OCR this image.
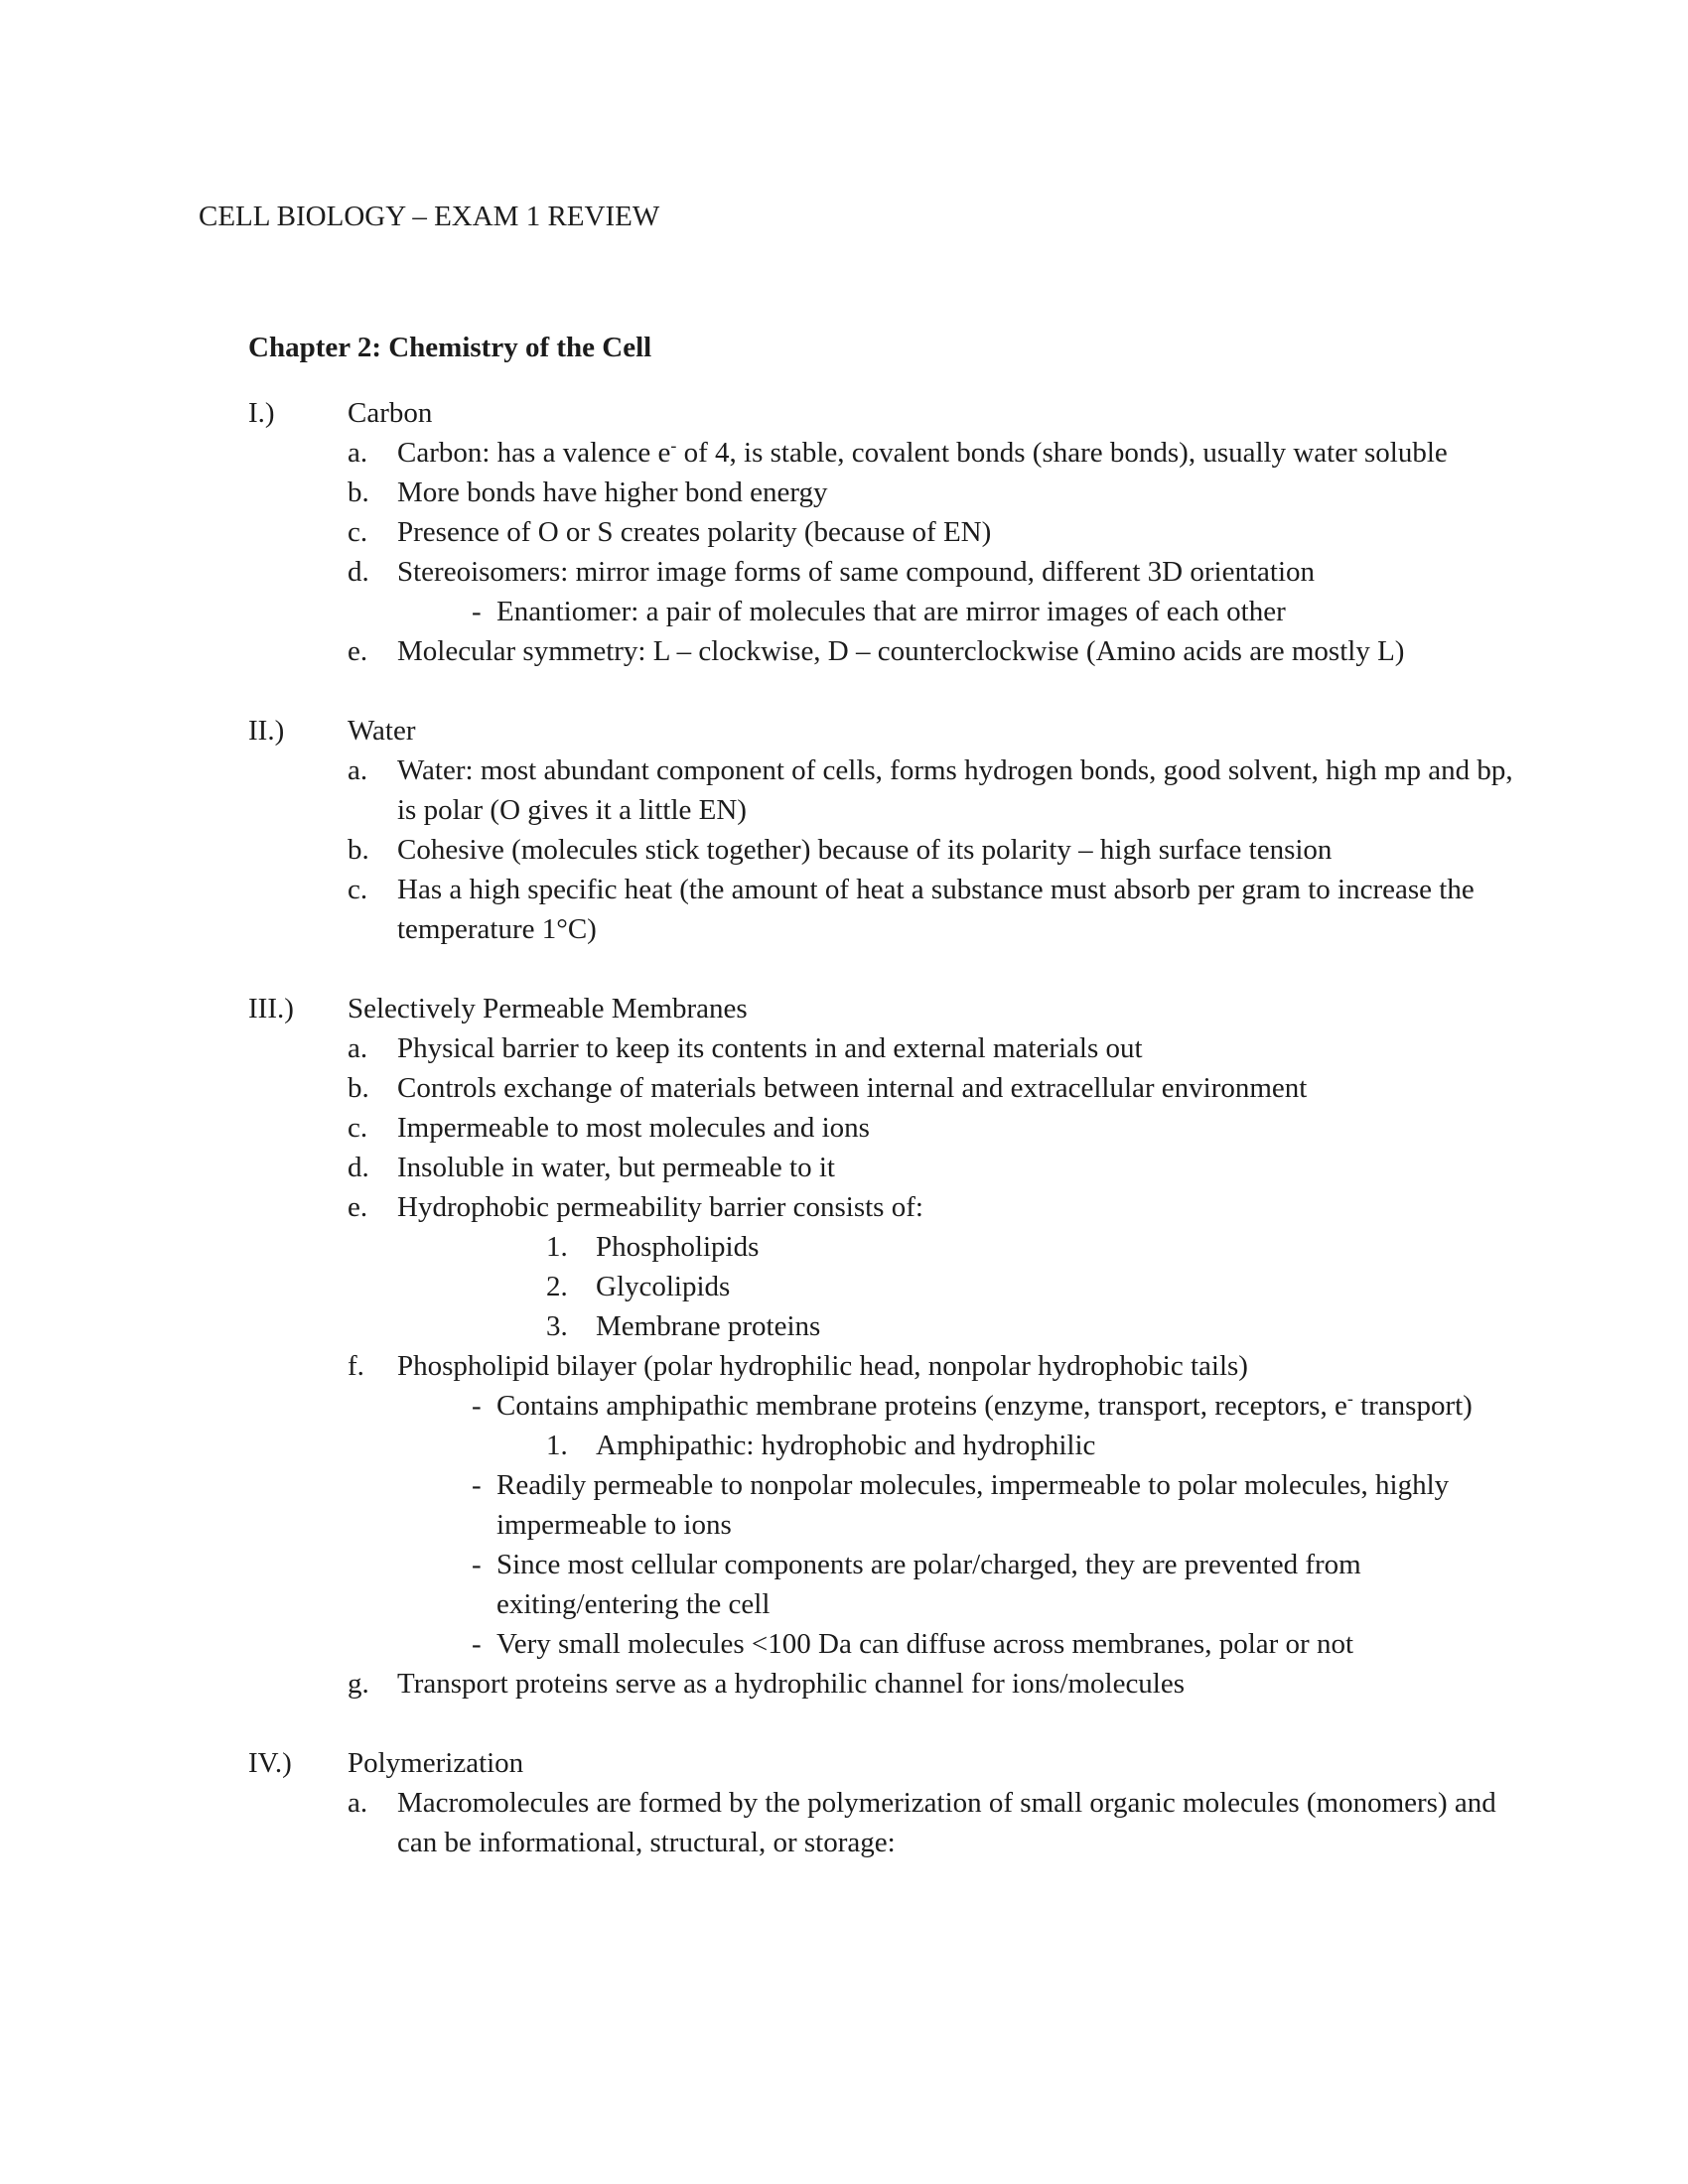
CELL BIOLOGY – EXAM 1 REVIEW
Chapter 2: Chemistry of the Cell
I.)	Carbon
a.	Carbon: has a valence e- of 4, is stable, covalent bonds (share bonds), usually water soluble
b. More bonds have higher bond energy
c.	Presence of O or S creates polarity (because of EN)
d. Stereoisomers: mirror image forms of same compound, different 3D orientation
- Enantiomer: a pair of molecules that are mirror images of each other
e.	Molecular symmetry: L – clockwise, D – counterclockwise (Amino acids are mostly L)
II.) Water
a.	Water: most abundant component of cells, forms hydrogen bonds, good solvent, high mp and bp, is polar (O gives it a little EN)
b. Cohesive (molecules stick together) because of its polarity – high surface tension
c.	Has a high specific heat (the amount of heat a substance must absorb per gram to increase the temperature 1°C)
III.) Selectively Permeable Membranes
a.	Physical barrier to keep its contents in and external materials out
b. Controls exchange of materials between internal and extracellular environment
c.	Impermeable to most molecules and ions
d. Insoluble in water, but permeable to it
e.	Hydrophobic permeability barrier consists of:
1. Phospholipids
2. Glycolipids
3. Membrane proteins
f.	Phospholipid bilayer (polar hydrophilic head, nonpolar hydrophobic tails)
- Contains amphipathic membrane proteins (enzyme, transport, receptors, e- transport)
1. Amphipathic: hydrophobic and hydrophilic
- Readily permeable to nonpolar molecules, impermeable to polar molecules, highly impermeable to ions
- Since most cellular components are polar/charged, they are prevented from exiting/entering the cell
- Very small molecules <100 Da can diffuse across membranes, polar or not
g. Transport proteins serve as a hydrophilic channel for ions/molecules
IV.) Polymerization
a.	Macromolecules are formed by the polymerization of small organic molecules (monomers) and can be informational, structural, or storage:
